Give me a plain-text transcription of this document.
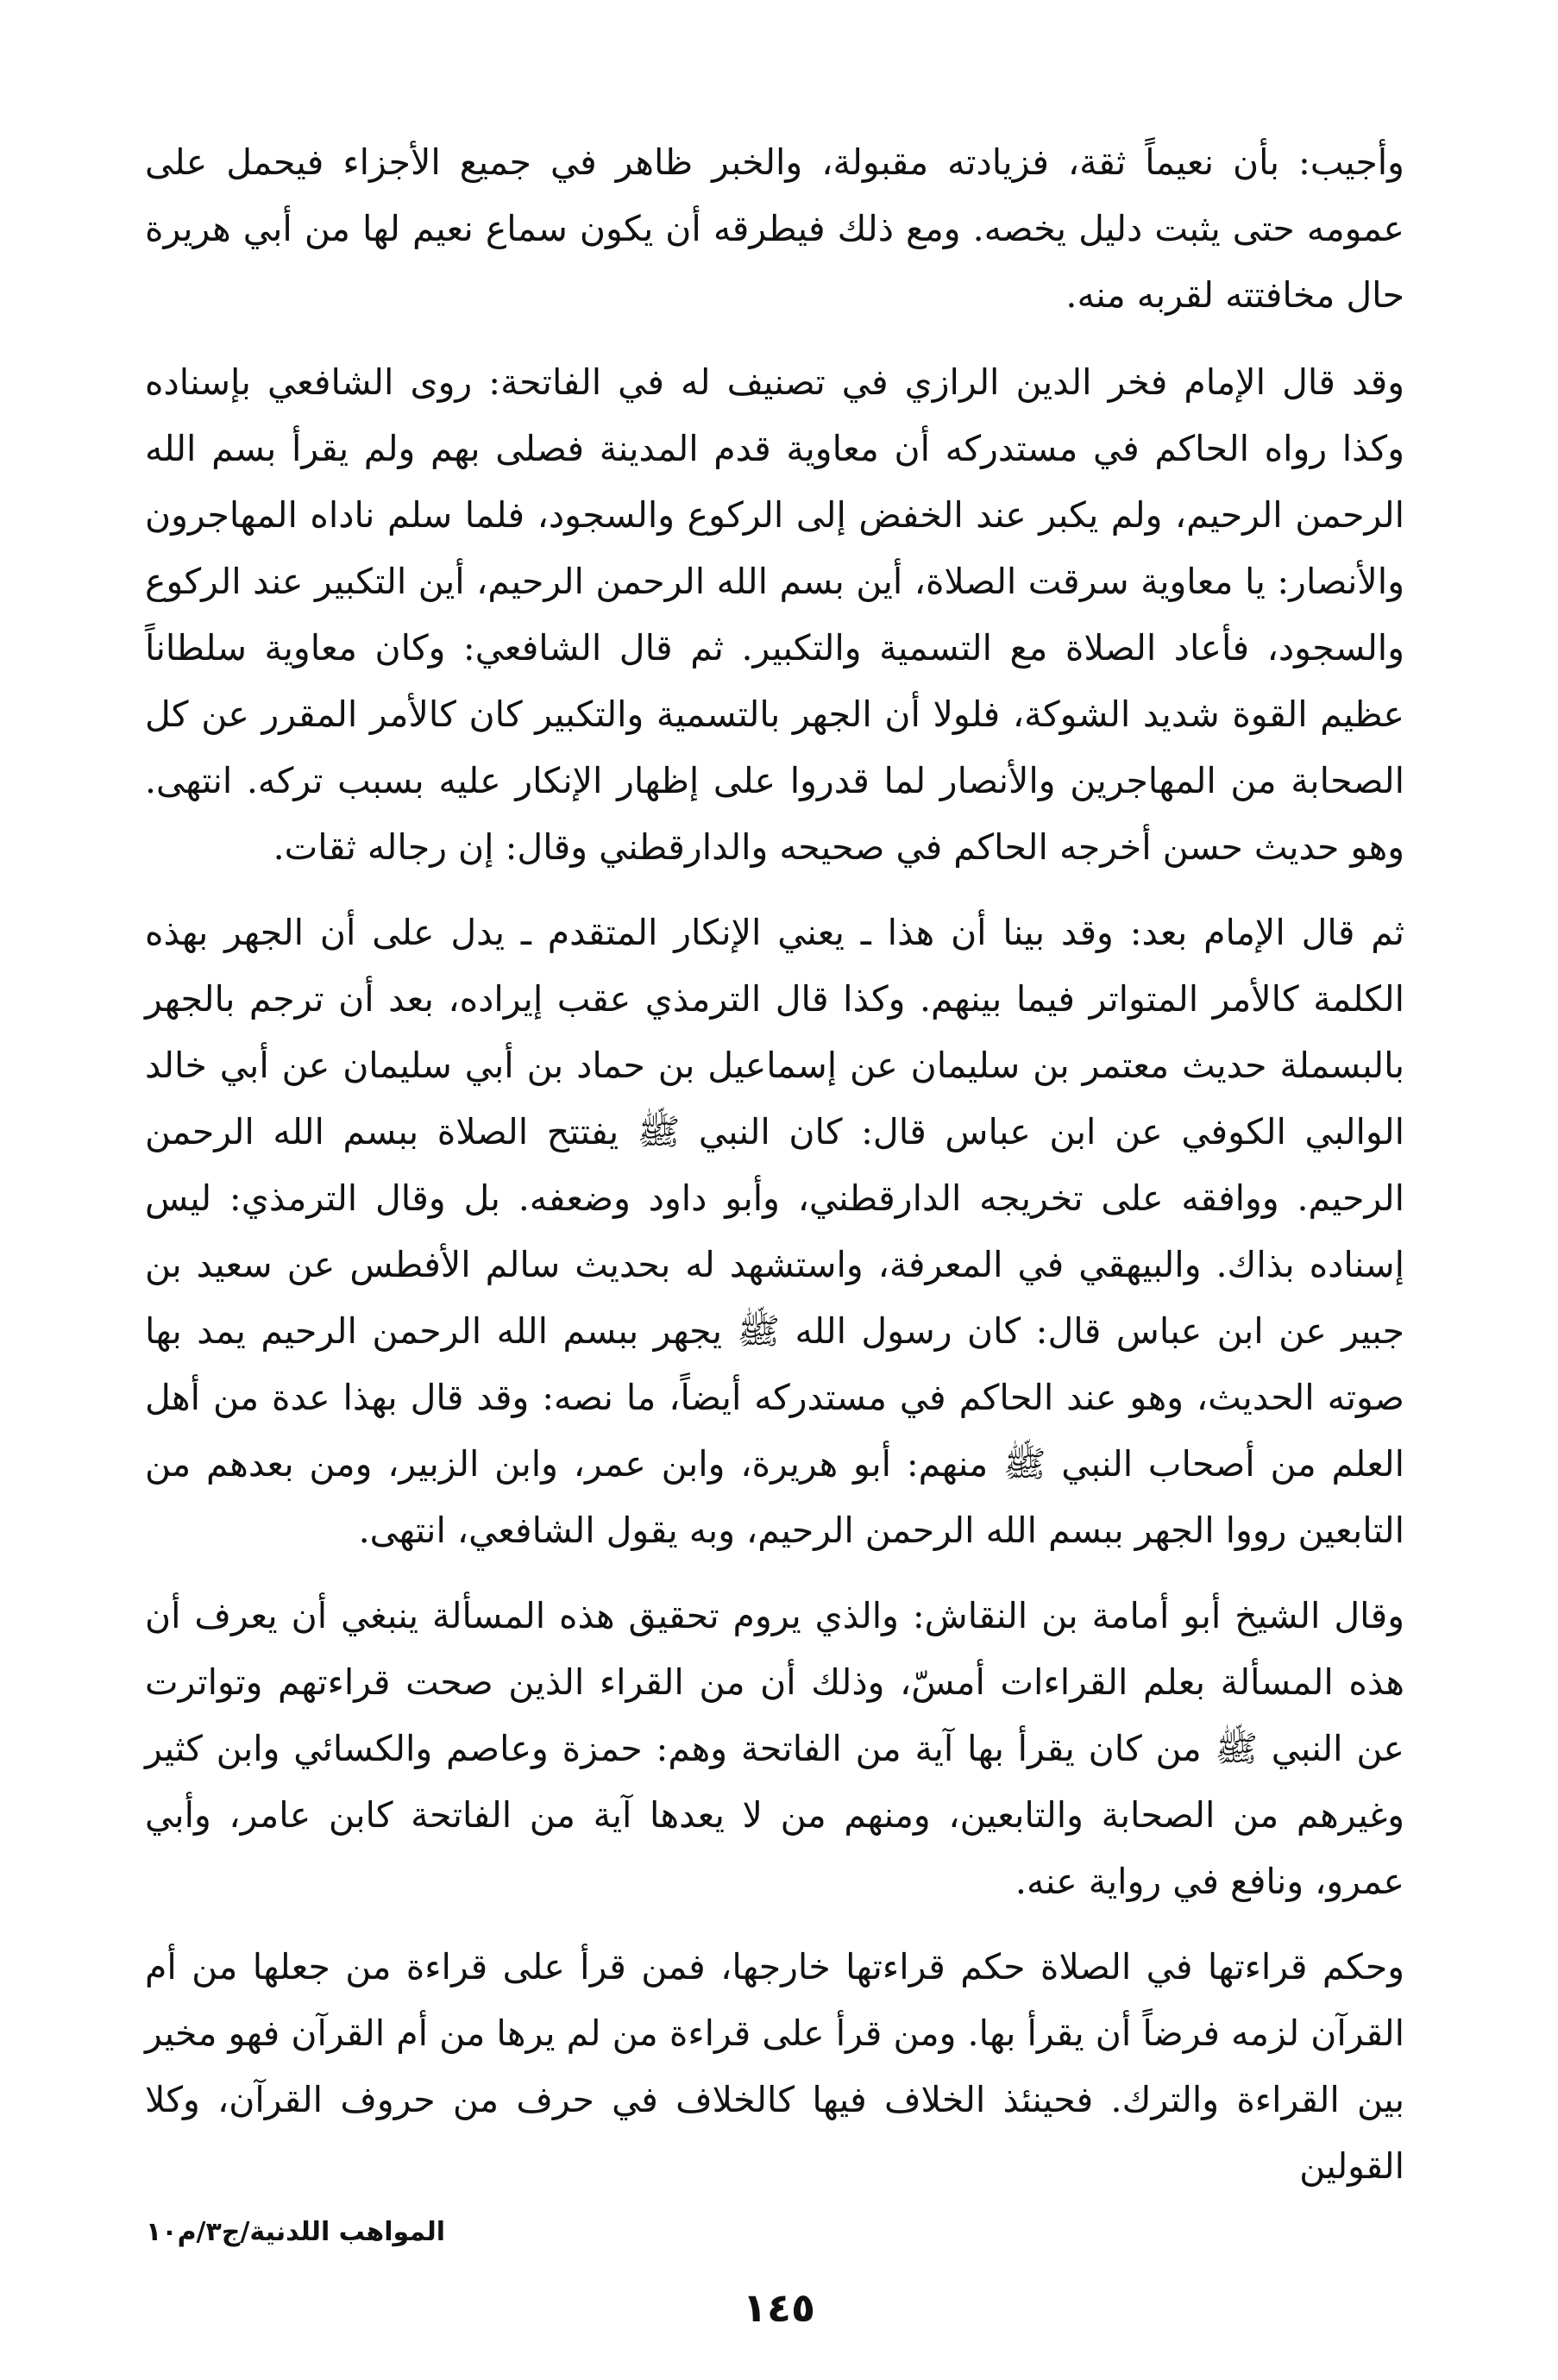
وأجيب: بأن نعيماً ثقة، فزيادته مقبولة، والخبر ظاهر في جميع الأجزاء فيحمل على عمومه حتى يثبت دليل يخصه. ومع ذلك فيطرقه أن يكون سماع نعيم لها من أبي هريرة حال مخافتته لقربه منه.

وقد قال الإمام فخر الدين الرازي في تصنيف له في الفاتحة: روى الشافعي بإسناده وكذا رواه الحاكم في مستدركه أن معاوية قدم المدينة فصلى بهم ولم يقرأ بسم الله الرحمن الرحيم، ولم يكبر عند الخفض إلى الركوع والسجود، فلما سلم ناداه المهاجرون والأنصار: يا معاوية سرقت الصلاة، أين بسم الله الرحمن الرحيم، أين التكبير عند الركوع والسجود، فأعاد الصلاة مع التسمية والتكبير. ثم قال الشافعي: وكان معاوية سلطاناً عظيم القوة شديد الشوكة، فلولا أن الجهر بالتسمية والتكبير كان كالأمر المقرر عن كل الصحابة من المهاجرين والأنصار لما قدروا على إظهار الإنكار عليه بسبب تركه. انتهى. وهو حديث حسن أخرجه الحاكم في صحيحه والدارقطني وقال: إن رجاله ثقات.

ثم قال الإمام بعد: وقد بينا أن هذا ـ يعني الإنكار المتقدم ـ يدل على أن الجهر بهذه الكلمة كالأمر المتواتر فيما بينهم. وكذا قال الترمذي عقب إيراده، بعد أن ترجم بالجهر بالبسملة حديث معتمر بن سليمان عن إسماعيل بن حماد بن أبي سليمان عن أبي خالد الوالبي الكوفي عن ابن عباس قال: كان النبي ﷺ يفتتح الصلاة ببسم الله الرحمن الرحيم. ووافقه على تخريجه الدارقطني، وأبو داود وضعفه. بل وقال الترمذي: ليس إسناده بذاك. والبيهقي في المعرفة، واستشهد له بحديث سالم الأفطس عن سعيد بن جبير عن ابن عباس قال: كان رسول الله ﷺ يجهر ببسم الله الرحمن الرحيم يمد بها صوته الحديث، وهو عند الحاكم في مستدركه أيضاً، ما نصه: وقد قال بهذا عدة من أهل العلم من أصحاب النبي ﷺ منهم: أبو هريرة، وابن عمر، وابن الزبير، ومن بعدهم من التابعين رووا الجهر ببسم الله الرحمن الرحيم، وبه يقول الشافعي، انتهى.

وقال الشيخ أبو أمامة بن النقاش: والذي يروم تحقيق هذه المسألة ينبغي أن يعرف أن هذه المسألة بعلم القراءات أمسّ، وذلك أن من القراء الذين صحت قراءتهم وتواترت عن النبي ﷺ من كان يقرأ بها آية من الفاتحة وهم: حمزة وعاصم والكسائي وابن كثير وغيرهم من الصحابة والتابعين، ومنهم من لا يعدها آية من الفاتحة كابن عامر، وأبي عمرو، ونافع في رواية عنه.

وحكم قراءتها في الصلاة حكم قراءتها خارجها، فمن قرأ على قراءة من جعلها من أم القرآن لزمه فرضاً أن يقرأ بها. ومن قرأ على قراءة من لم يرها من أم القرآن فهو مخير بين القراءة والترك. فحينئذ الخلاف فيها كالخلاف في حرف من حروف القرآن، وكلا القولين

المواهب اللدنية/ج٣/م١٠
١٤٥
